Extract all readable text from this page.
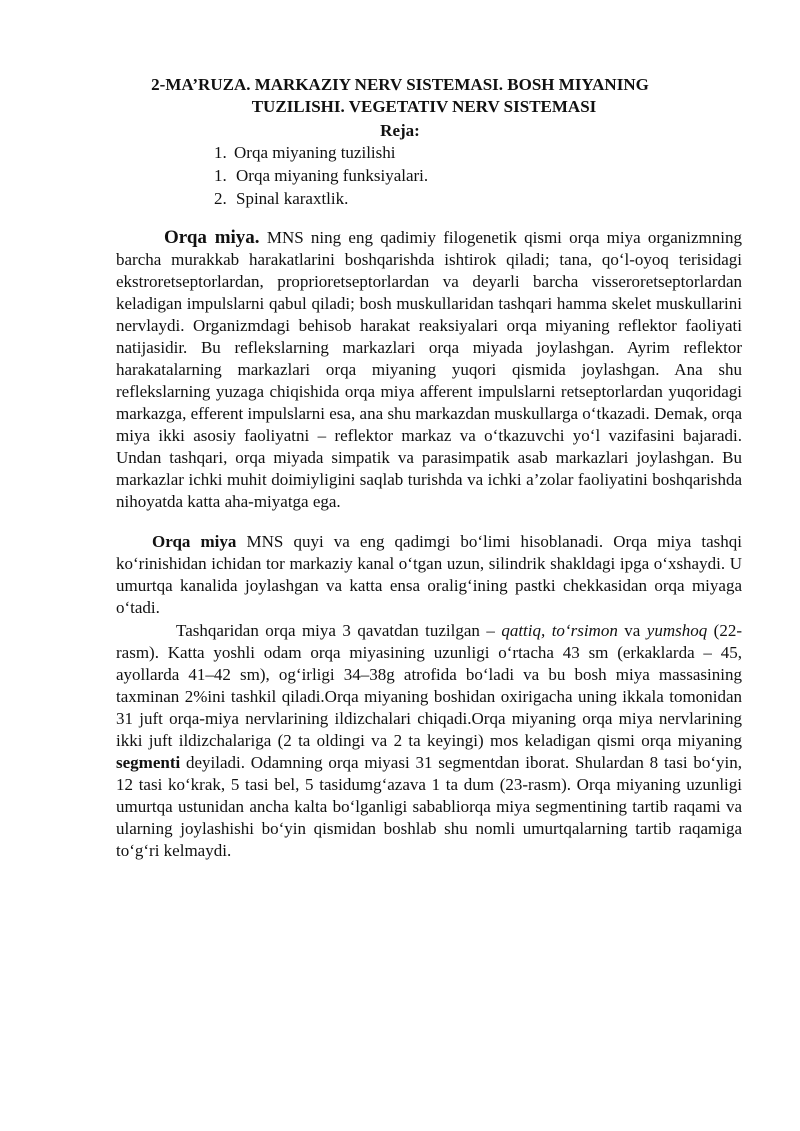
2-MA’RUZA. MARKAZIY NERV SISTEMASI. BOSH MIYANING
TUZILISHI. VEGETATIV NERV SISTEMASI
Reja:
1. Orqa miyaning tuzilishi
1. Orqa miyaning funksiyalari.
2. Spinal karaxtlik.
Orqa miya. MNS ning eng qadimiy filogenetik qismi orqa miya organizmning barcha murakkab harakatlarini boshqarishda ishtirok qiladi; tana, qo‘l-oyoq terisidagi ekstroretseptorlardan, proprioretseptorlardan va deyarli barcha visseroretseptorlardan keladigan impulslarni qabul qiladi; bosh muskullaridan tashqari hamma skelet muskullarini nervlaydi. Organizmdagi behisob harakat reaksiyalari orqa miyaning reflektor faoliyati natijasidir. Bu reflekslarning markazlari orqa miyada joylashgan. Ayrim reflektor harakatalarning markazlari orqa miyaning yuqori qismida joylashgan. Ana shu reflekslarning yuzaga chiqishida orqa miya afferent impulslarni retseptorlardan yuqoridagi markazga, efferent impulslarni esa, ana shu markazdan muskullarga o‘tkazadi. Demak, orqa miya ikki asosiy faoliyatni – reflektor markaz va o‘tkazuvchi yo‘l vazifasini bajaradi. Undan tashqari, orqa miyada simpatik va parasimpatik asab markazlari joylashgan. Bu markazlar ichki muhit doimiyligini saqlab turishda va ichki a’zolar faoliyatini boshqarishda nihoyatda katta aha-miyatga ega.
Orqa miya MNS quyi va eng qadimgi bo‘limi hisoblanadi. Orqa miya tashqi ko‘rinishidan ichidan tor markaziy kanal o‘tgan uzun, silindrik shakldagi ipga o‘xshaydi. U umurtqa kanalida joylashgan va katta ensa oralig‘ining pastki chekkasidan orqa miyaga o‘tadi.
Tashqaridan orqa miya 3 qavatdan tuzilgan – qattiq, to‘rsimon va yumshoq (22-rasm). Katta yoshli odam orqa miyasining uzunligi o‘rtacha 43 sm (erkaklarda – 45, ayollarda 41–42 sm), og‘irligi 34–38g atrofida bo‘ladi va bu bosh miya massasining taxminan 2%ini tashkil qiladi.Orqa miyaning boshidan oxirigacha uning ikkala tomonidan 31 juft orqa-miya nervlarining ildizchalari chiqadi.Orqa miyaning orqa miya nervlarining ikki juft ildizchalariga (2 ta oldingi va 2 ta keyingi) mos keladigan qismi orqa miyaning segmenti deyiladi. Odamning orqa miyasi 31 segmentdan iborat. Shulardan 8 tasi bo‘yin, 12 tasi ko‘krak, 5 tasi bel, 5 tasidumg‘azava 1 ta dum (23-rasm). Orqa miyaning uzunligi umurtqa ustunidan ancha kalta bo‘lganligi sababliorqa miya segmentining tartib raqami va ularning joylashishi bo‘yin qismidan boshlab shu nomli umurtqalarning tartib raqamiga to‘g‘ri kelmaydi.
